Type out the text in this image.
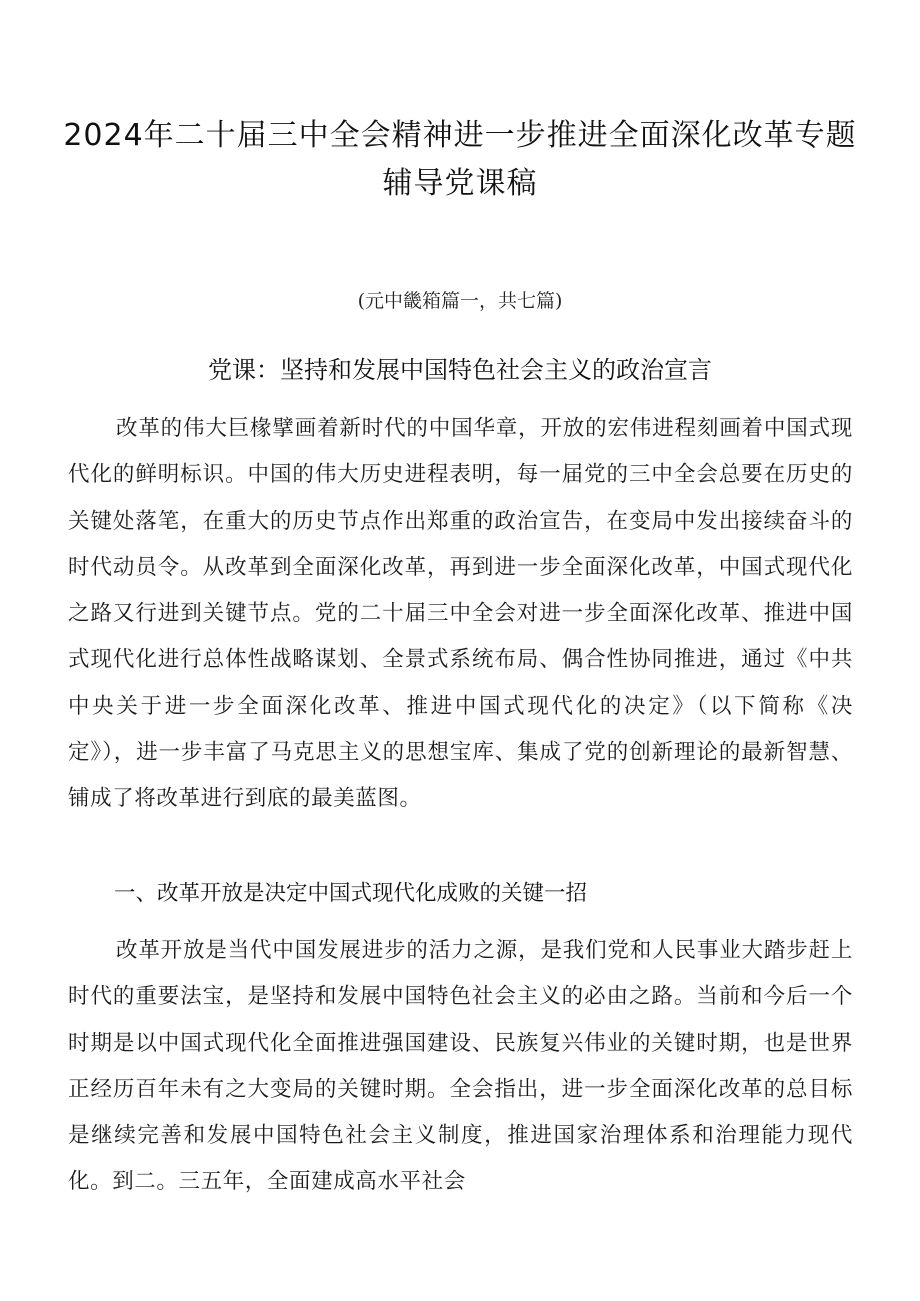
2024年二十届三中全会精神进一步推进全面深化改革专题辅导党课稿

(元中畿箱篇一，共七篇)

党课：坚持和发展中国特色社会主义的政治宣言

改革的伟大巨椽擘画着新时代的中国华章，开放的宏伟进程刻画着中国式现代化的鲜明标识。中国的伟大历史进程表明，每一届党的三中全会总要在历史的关键处落笔，在重大的历史节点作出郑重的政治宣告，在变局中发出接续奋斗的时代动员令。从改革到全面深化改革，再到进一步全面深化改革，中国式现代化之路又行进到关键节点。党的二十届三中全会对进一步全面深化改革、推进中国式现代化进行总体性战略谋划、全景式系统布局、偶合性协同推进，通过《中共中央关于进一步全面深化改革、推进中国式现代化的决定》（以下简称《决定》），进一步丰富了马克思主义的思想宝库、集成了党的创新理论的最新智慧、铺成了将改革进行到底的最美蓝图。

一、改革开放是决定中国式现代化成败的关键一招

改革开放是当代中国发展进步的活力之源，是我们党和人民事业大踏步赶上时代的重要法宝，是坚持和发展中国特色社会主义的必由之路。当前和今后一个时期是以中国式现代化全面推进强国建设、民族复兴伟业的关键时期，也是世界正经历百年未有之大变局的关键时期。全会指出，进一步全面深化改革的总目标是继续完善和发展中国特色社会主义制度，推进国家治理体系和治理能力现代化。到二。三五年，全面建成高水平社会
